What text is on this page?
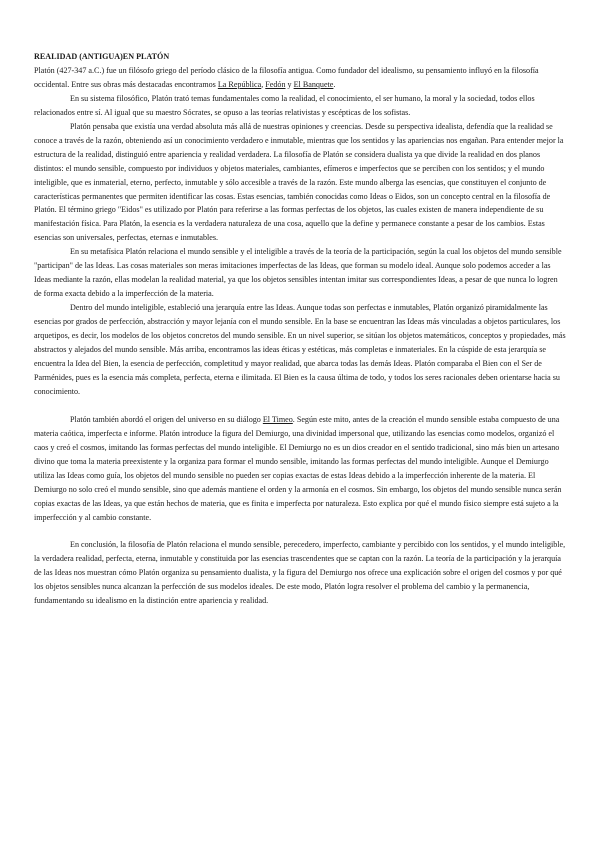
REALIDAD (ANTIGUA)EN PLATÓN

Platón (427-347 a.C.) fue un filósofo griego del período clásico de la filosofía antigua. Como fundador del idealismo, su pensamiento influyó en la filosofía occidental. Entre sus obras más destacadas encontramos La República, Fedón y El Banquete.

En su sistema filosófico, Platón trató temas fundamentales como la realidad, el conocimiento, el ser humano, la moral y la sociedad, todos ellos relacionados entre sí. Al igual que su maestro Sócrates, se opuso a las teorías relativistas y escépticas de los sofistas.

Platón pensaba que existía una verdad absoluta más allá de nuestras opiniones y creencias. Desde su perspectiva idealista, defendía que la realidad se conoce a través de la razón, obteniendo así un conocimiento verdadero e inmutable, mientras que los sentidos y las apariencias nos engañan. Para entender mejor la estructura de la realidad, distinguió entre apariencia y realidad verdadera. La filosofía de Platón se considera dualista ya que divide la realidad en dos planos distintos: el mundo sensible, compuesto por individuos y objetos materiales, cambiantes, efímeros e imperfectos que se perciben con los sentidos; y el mundo inteligible, que es inmaterial, eterno, perfecto, inmutable y sólo accesible a través de la razón. Este mundo alberga las esencias, que constituyen el conjunto de características permanentes que permiten identificar las cosas. Estas esencias, también conocidas como Ideas o Eidos, son un concepto central en la filosofía de Platón. El término griego "Eidos" es utilizado por Platón para referirse a las formas perfectas de los objetos, las cuales existen de manera independiente de su manifestación física. Para Platón, la esencia es la verdadera naturaleza de una cosa, aquello que la define y permanece constante a pesar de los cambios. Estas esencias son universales, perfectas, eternas e inmutables.

En su metafísica Platón relaciona el mundo sensible y el inteligible a través de la teoría de la participación, según la cual los objetos del mundo sensible "participan" de las Ideas. Las cosas materiales son meras imitaciones imperfectas de las Ideas, que forman su modelo ideal. Aunque solo podemos acceder a las Ideas mediante la razón, ellas modelan la realidad material, ya que los objetos sensibles intentan imitar sus correspondientes Ideas, a pesar de que nunca lo logren de forma exacta debido a la imperfección de la materia.

Dentro del mundo inteligible, estableció una jerarquía entre las Ideas. Aunque todas son perfectas e inmutables, Platón organizó piramidalmente las esencias por grados de perfección, abstracción y mayor lejanía con el mundo sensible. En la base se encuentran las Ideas más vinculadas a objetos particulares, los arquetipos, es decir, los modelos de los objetos concretos del mundo sensible. En un nivel superior, se sitúan los objetos matemáticos, conceptos y propiedades, más abstractos y alejados del mundo sensible. Más arriba, encontramos las ideas éticas y estéticas, más completas e inmateriales. En la cúspide de esta jerarquía se encuentra la Idea del Bien, la esencia de perfección, completitud y mayor realidad, que abarca todas las demás Ideas. Platón comparaba el Bien con el Ser de Parménides, pues es la esencia más completa, perfecta, eterna e ilimitada. El Bien es la causa última de todo, y todos los seres racionales deben orientarse hacia su conocimiento.

Platón también abordó el origen del universo en su diálogo El Timeo. Según este mito, antes de la creación el mundo sensible estaba compuesto de una materia caótica, imperfecta e informe. Platón introduce la figura del Demiurgo, una divinidad impersonal que, utilizando las esencias como modelos, organizó el caos y creó el cosmos, imitando las formas perfectas del mundo inteligible. El Demiurgo no es un dios creador en el sentido tradicional, sino más bien un artesano divino que toma la materia preexistente y la organiza para formar el mundo sensible, imitando las formas perfectas del mundo inteligible. Aunque el Demiurgo utiliza las Ideas como guía, los objetos del mundo sensible no pueden ser copias exactas de estas Ideas debido a la imperfección inherente de la materia. El Demiurgo no solo creó el mundo sensible, sino que además mantiene el orden y la armonía en el cosmos. Sin embargo, los objetos del mundo sensible nunca serán copias exactas de las Ideas, ya que están hechos de materia, que es finita e imperfecta por naturaleza. Esto explica por qué el mundo físico siempre está sujeto a la imperfección y al cambio constante.

En conclusión, la filosofía de Platón relaciona el mundo sensible, perecedero, imperfecto, cambiante y percibido con los sentidos, y el mundo inteligible, la verdadera realidad, perfecta, eterna, inmutable y constituida por las esencias trascendentes que se captan con la razón. La teoría de la participación y la jerarquía de las Ideas nos muestran cómo Platón organiza su pensamiento dualista, y la figura del Demiurgo nos ofrece una explicación sobre el origen del cosmos y por qué los objetos sensibles nunca alcanzan la perfección de sus modelos ideales. De este modo, Platón logra resolver el problema del cambio y la permanencia, fundamentando su idealismo en la distinción entre apariencia y realidad.
